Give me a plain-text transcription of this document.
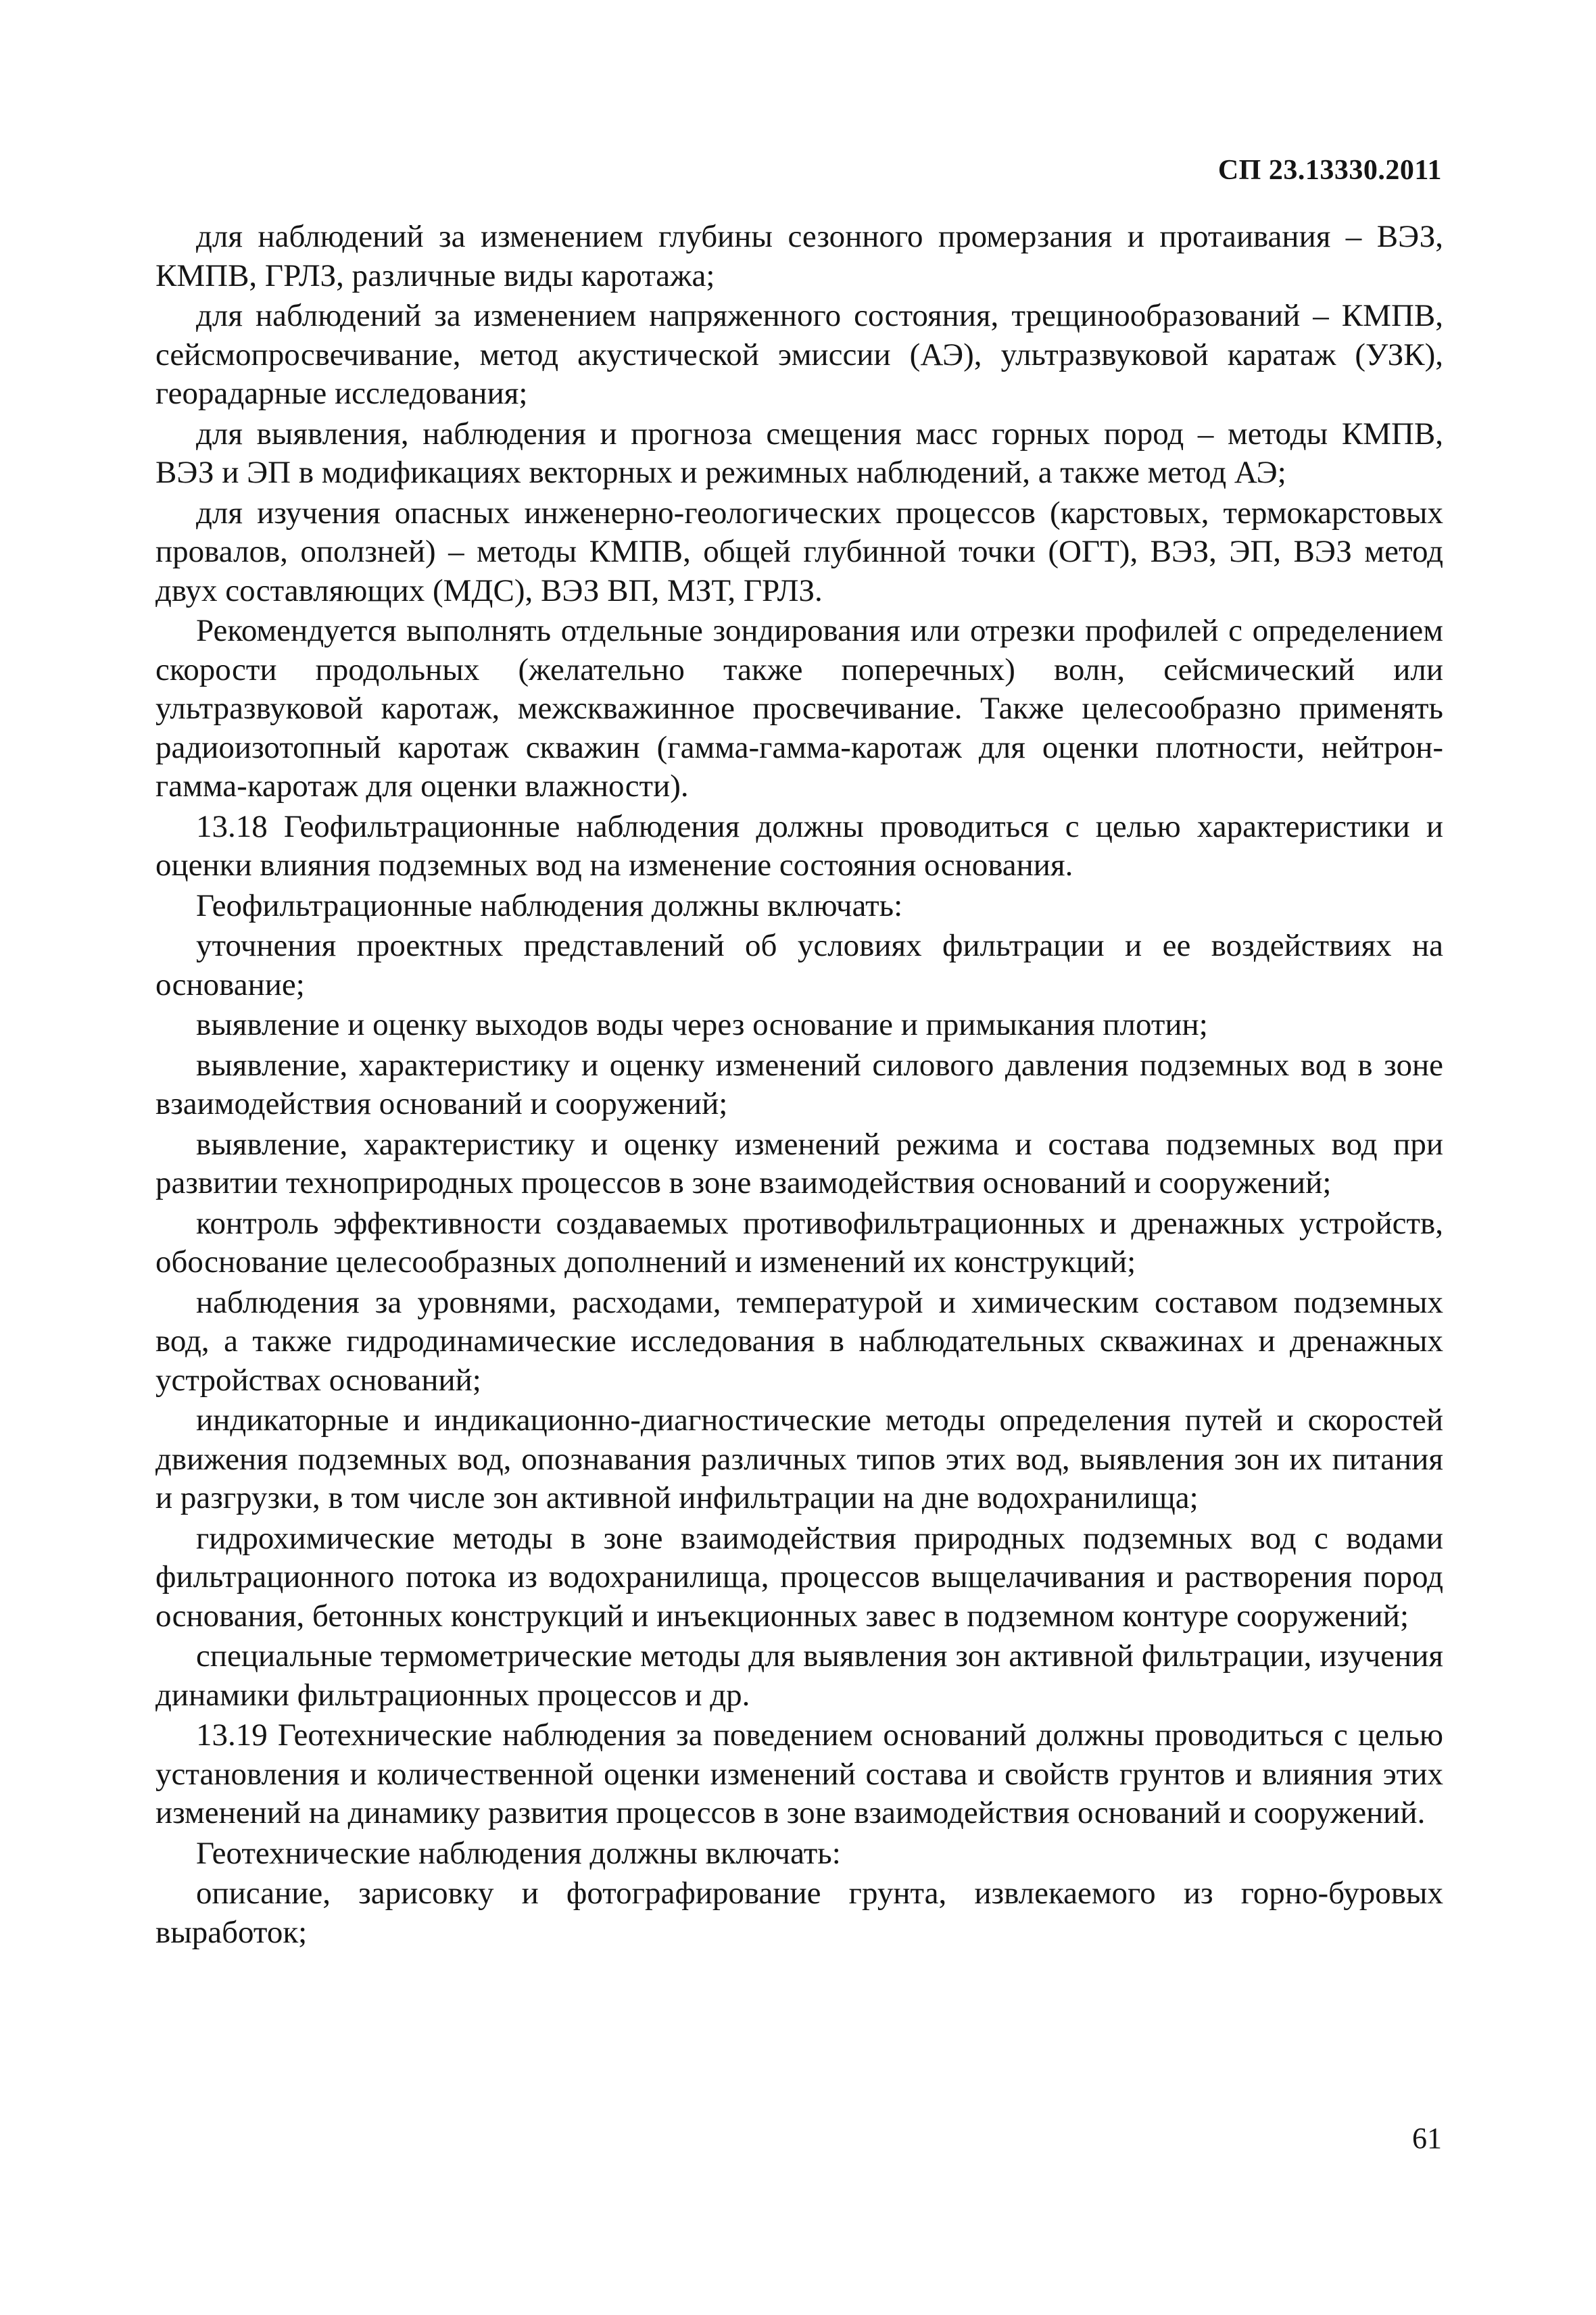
СП 23.13330.2011

для наблюдений за изменением глубины сезонного промерзания и протаивания – ВЭЗ, КМПВ, ГРЛЗ, различные виды каротажа;

для наблюдений за изменением напряженного состояния, трещинообразований – КМПВ, сейсмопросвечивание, метод акустической эмиссии (АЭ), ультразвуковой каратаж (УЗК), георадарные исследования;

для выявления, наблюдения и прогноза смещения масс горных пород – методы КМПВ, ВЭЗ и ЭП в модификациях векторных и режимных наблюдений, а также метод АЭ;

для изучения опасных инженерно-геологических процессов (карстовых, термокарстовых провалов, оползней) – методы КМПВ, общей глубинной точки (ОГТ), ВЭЗ, ЭП, ВЭЗ метод двух составляющих (МДС), ВЭЗ ВП, МЗТ, ГРЛЗ.

Рекомендуется выполнять отдельные зондирования или отрезки профилей с определением скорости продольных (желательно также поперечных) волн, сейсмический или ультразвуковой каротаж, межскважинное просвечивание. Также целесообразно применять радиоизотопный каротаж скважин (гамма-гамма-каротаж для оценки плотности, нейтрон-гамма-каротаж для оценки влажности).

13.18 Геофильтрационные наблюдения должны проводиться с целью характеристики и оценки влияния подземных вод на изменение состояния основания.

Геофильтрационные наблюдения должны включать:

уточнения проектных представлений об условиях фильтрации и ее воздействиях на основание;

выявление и оценку выходов воды через основание и примыкания плотин;

выявление, характеристику и оценку изменений силового давления подземных вод в зоне взаимодействия оснований и сооружений;

выявление, характеристику и оценку изменений режима и состава подземных вод при развитии технoприродных процессов в зоне взаимодействия оснований и сооружений;

контроль эффективности создаваемых противофильтрационных и дренажных устройств, обоснование целесообразных дополнений и изменений их конструкций;

наблюдения за уровнями, расходами, температурой и химическим составом подземных вод, а также гидродинамические исследования в наблюдательных скважинах и дренажных устройствах оснований;

индикаторные и индикационно-диагностические методы определения путей и скоростей движения подземных вод, опознавания различных типов этих вод, выявления зон их питания и разгрузки, в том числе зон активной инфильтрации на дне водохранилища;

гидрохимические методы в зоне взаимодействия природных подземных вод с водами фильтрационного потока из водохранилища, процессов выщелачивания и растворения пород основания, бетонных конструкций и инъекционных завес в подземном контуре сооружений;

специальные термометрические методы для выявления зон активной фильтрации, изучения динамики фильтрационных процессов и др.

13.19 Геотехнические наблюдения за поведением оснований должны проводиться с целью установления и количественной оценки изменений состава и свойств грунтов и влияния этих изменений на динамику развития процессов в зоне взаимодействия оснований и сооружений.

Геотехнические наблюдения должны включать:

описание, зарисовку и фотографирование грунта, извлекаемого из горно-буровых выработок;

61
